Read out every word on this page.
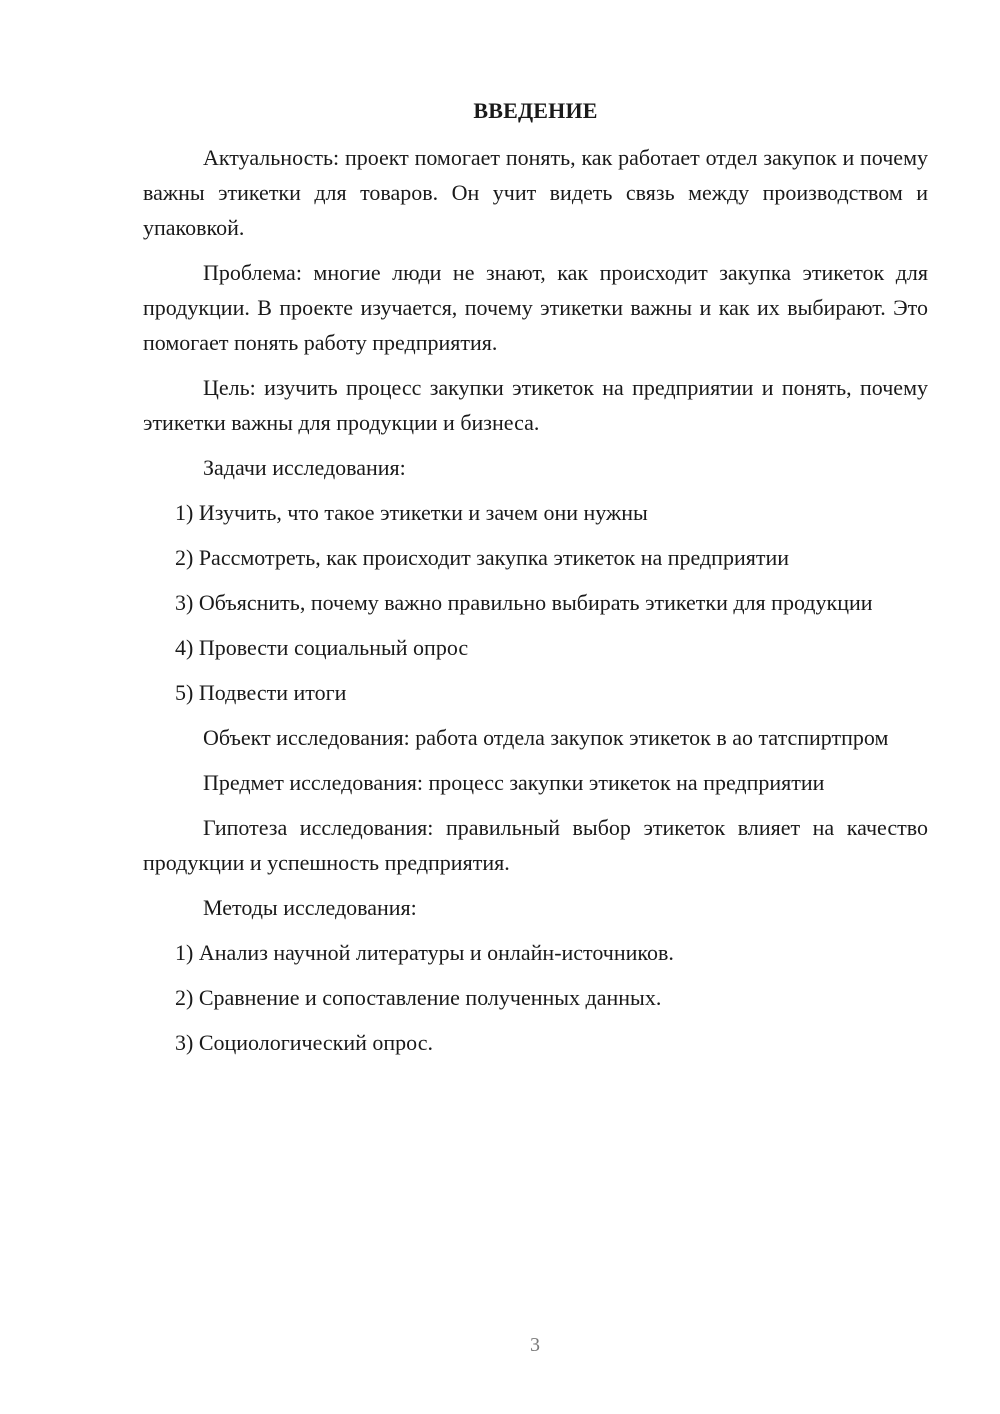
ВВЕДЕНИЕ

Актуальность: проект помогает понять, как работает отдел закупок и почему важны этикетки для товаров. Он учит видеть связь между производством и упаковкой.

Проблема: многие люди не знают, как происходит закупка этикеток для продукции. В проекте изучается, почему этикетки важны и как их выбирают. Это помогает понять работу предприятия.

Цель: изучить процесс закупки этикеток на предприятии и понять, почему этикетки важны для продукции и бизнеса.

Задачи исследования:

1) Изучить, что такое этикетки и зачем они нужны

2) Рассмотреть, как происходит закупка этикеток на предприятии

3) Объяснить, почему важно правильно выбирать этикетки для продукции

4) Провести социальный опрос

5) Подвести итоги

Объект исследования: работа отдела закупок этикеток в ао татспиртпром

Предмет исследования: процесс закупки этикеток на предприятии

Гипотеза исследования: правильный выбор этикеток влияет на качество продукции и успешность предприятия.

Методы исследования:

1) Анализ научной литературы и онлайн-источников.

2) Сравнение и сопоставление полученных данных.

3) Социологический опрос.

3
